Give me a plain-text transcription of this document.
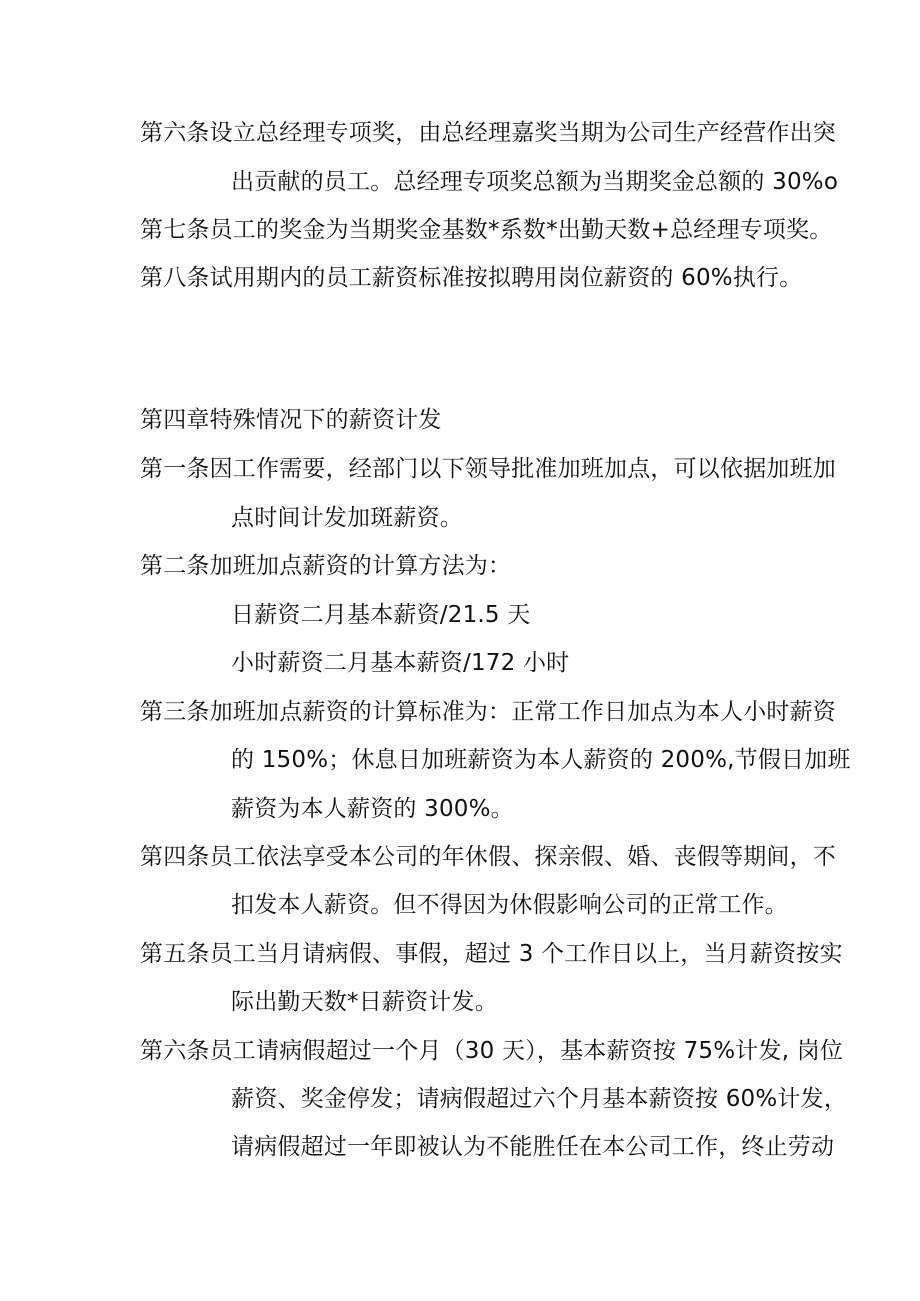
第六条设立总经理专项奖，由总经理嘉奖当期为公司生产经营作出突
出贡献的员工。总经理专项奖总额为当期奖金总额的 30%o
第七条员工的奖金为当期奖金基数*系数*出勤天数+总经理专项奖。
第八条试用期内的员工薪资标准按拟聘用岗位薪资的 60%执行。
第四章特殊情况下的薪资计发
第一条因工作需要，经部门以下领导批准加班加点，可以依据加班加
点时间计发加斑薪资。
第二条加班加点薪资的计算方法为：
日薪资二月基本薪资/21.5 天
小时薪资二月基本薪资/172 小时
第三条加班加点薪资的计算标准为：正常工作日加点为本人小时薪资
的 150%；休息日加班薪资为本人薪资的 200%,节假日加班
薪资为本人薪资的 300%。
第四条员工依法享受本公司的年休假、探亲假、婚、丧假等期间，不
扣发本人薪资。但不得因为休假影响公司的正常工作。
第五条员工当月请病假、事假，超过 3 个工作日以上，当月薪资按实
际出勤天数*日薪资计发。
第六条员工请病假超过一个月（30 天），基本薪资按 75%计发, 岗位
薪资、奖金停发；请病假超过六个月基本薪资按 60%计发，
请病假超过一年即被认为不能胜任在本公司工作，终止劳动
